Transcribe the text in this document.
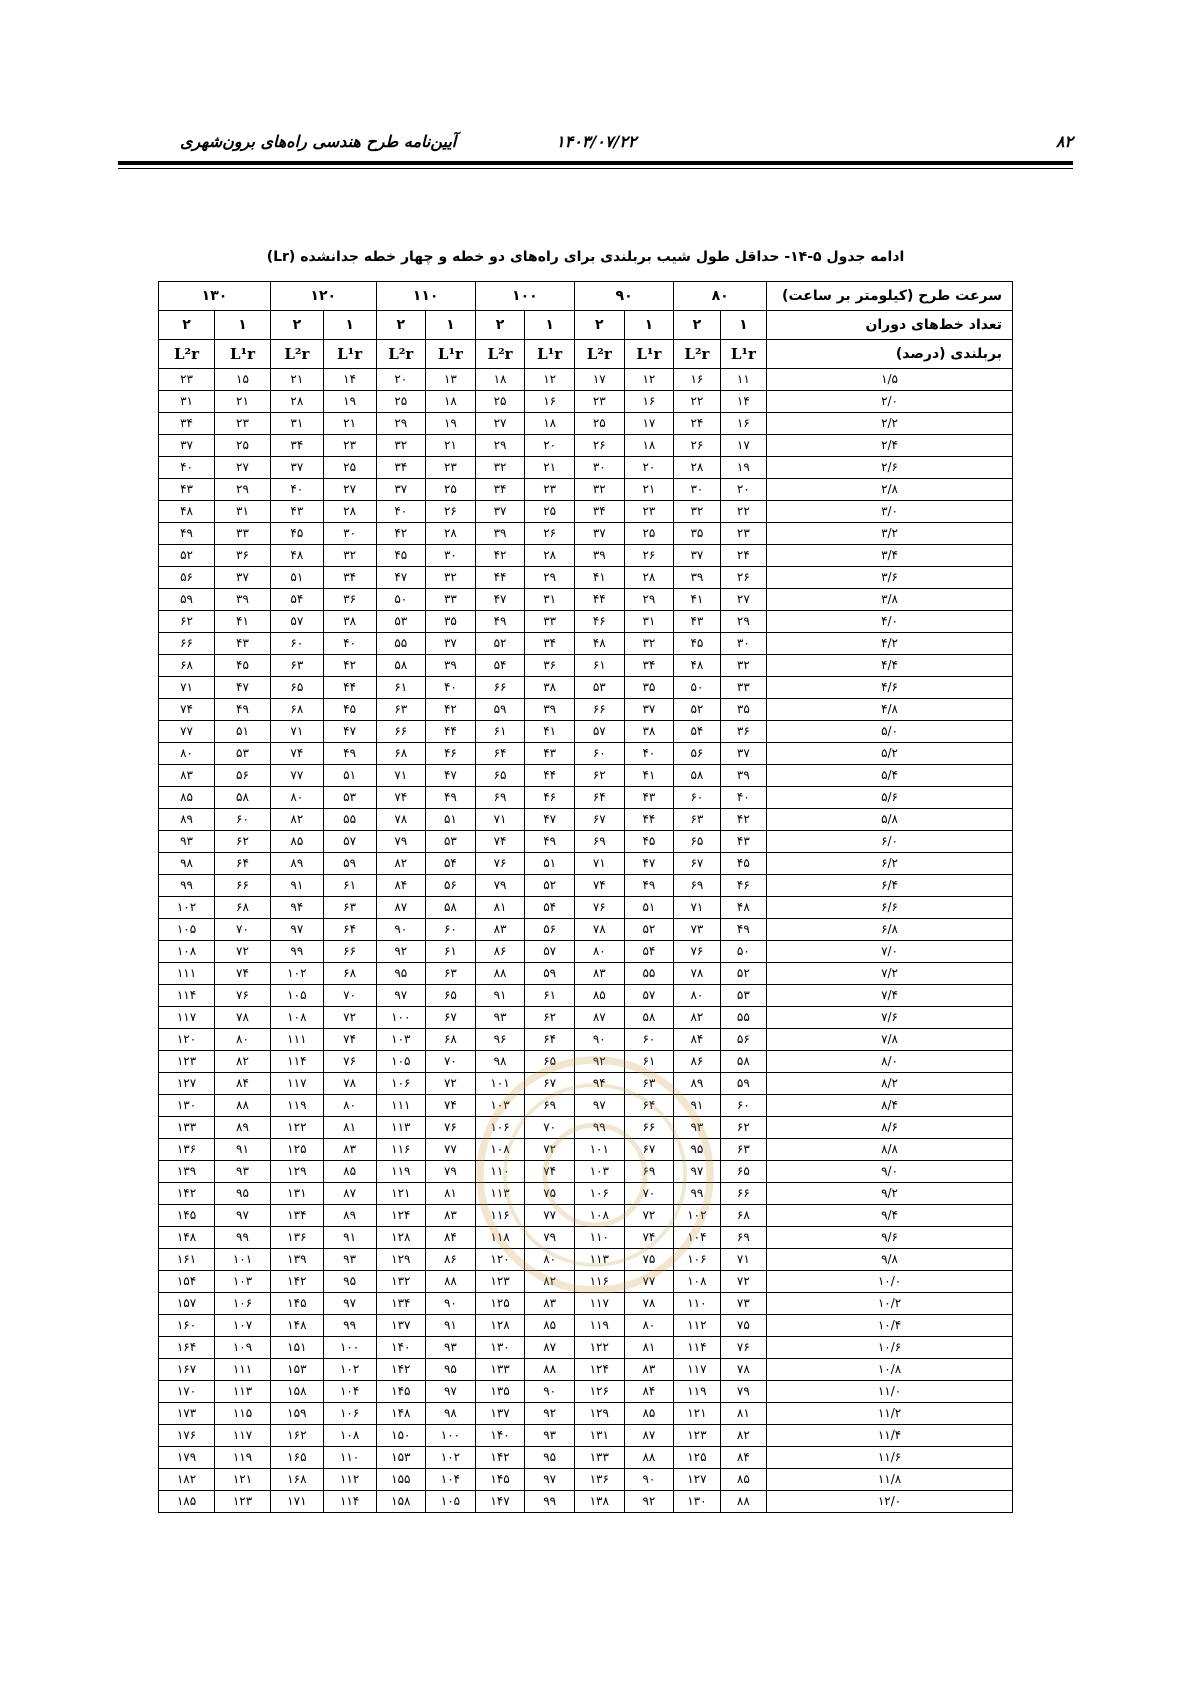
۸۲
۱۴۰۳/۰۷/۲۲
آیین‌نامه طرح هندسی راه‌های برون‌شهری
ادامه جدول ۵-۱۴- حداقل طول شیب بربلندی برای راه‌های دو خطه و چهار خطه جدانشده (Lr)
سرعت طرح (کیلومتر بر ساعت)	۸۰		۹۰		۱۰۰		۱۱۰		۱۲۰		۱۳۰	
تعداد خط‌های دوران	۱	۲	۱	۲	۱	۲	۱	۲	۱	۲	۱	۲
بربلندی (درصد)	L¹r	L²r	L¹r	L²r	L¹r	L²r	L¹r	L²r	L¹r	L²r	L¹r	L²r
۱/۵	۱۱	۱۶	۱۲	۱۷	۱۲	۱۸	۱۳	۲۰	۱۴	۲۱	۱۵	۲۳
۲/۰	۱۴	۲۲	۱۶	۲۳	۱۶	۲۵	۱۸	۲۵	۱۹	۲۸	۲۱	۳۱
۲/۲	۱۶	۲۴	۱۷	۲۵	۱۸	۲۷	۱۹	۲۹	۲۱	۳۱	۲۳	۳۴
۲/۴	۱۷	۲۶	۱۸	۲۶	۲۰	۲۹	۲۱	۳۲	۲۳	۳۴	۲۵	۳۷
۲/۶	۱۹	۲۸	۲۰	۳۰	۲۱	۳۲	۲۳	۳۴	۲۵	۳۷	۲۷	۴۰
۲/۸	۲۰	۳۰	۲۱	۳۲	۲۳	۳۴	۲۵	۳۷	۲۷	۴۰	۲۹	۴۳
۳/۰	۲۲	۳۲	۲۳	۳۴	۲۵	۳۷	۲۶	۴۰	۲۸	۴۳	۳۱	۴۸
۳/۲	۲۳	۳۵	۲۵	۳۷	۲۶	۳۹	۲۸	۴۲	۳۰	۴۵	۳۳	۴۹
۳/۴	۲۴	۳۷	۲۶	۳۹	۲۸	۴۲	۳۰	۴۵	۳۲	۴۸	۳۶	۵۲
۳/۶	۲۶	۳۹	۲۸	۴۱	۲۹	۴۴	۳۲	۴۷	۳۴	۵۱	۳۷	۵۶
۳/۸	۲۷	۴۱	۲۹	۴۴	۳۱	۴۷	۳۳	۵۰	۳۶	۵۴	۳۹	۵۹
۴/۰	۲۹	۴۳	۳۱	۴۶	۳۳	۴۹	۳۵	۵۳	۳۸	۵۷	۴۱	۶۲
۴/۲	۳۰	۴۵	۳۲	۴۸	۳۴	۵۲	۳۷	۵۵	۴۰	۶۰	۴۳	۶۶
۴/۴	۳۲	۴۸	۳۴	۶۱	۳۶	۵۴	۳۹	۵۸	۴۲	۶۳	۴۵	۶۸
۴/۶	۳۳	۵۰	۳۵	۵۳	۳۸	۶۶	۴۰	۶۱	۴۴	۶۵	۴۷	۷۱
۴/۸	۳۵	۵۲	۳۷	۶۶	۳۹	۵۹	۴۲	۶۳	۴۵	۶۸	۴۹	۷۴
۵/۰	۳۶	۵۴	۳۸	۵۷	۴۱	۶۱	۴۴	۶۶	۴۷	۷۱	۵۱	۷۷
۵/۲	۳۷	۵۶	۴۰	۶۰	۴۳	۶۴	۴۶	۶۸	۴۹	۷۴	۵۳	۸۰
۵/۴	۳۹	۵۸	۴۱	۶۲	۴۴	۶۵	۴۷	۷۱	۵۱	۷۷	۵۶	۸۳
۵/۶	۴۰	۶۰	۴۳	۶۴	۴۶	۶۹	۴۹	۷۴	۵۳	۸۰	۵۸	۸۵
۵/۸	۴۲	۶۳	۴۴	۶۷	۴۷	۷۱	۵۱	۷۸	۵۵	۸۲	۶۰	۸۹
۶/۰	۴۳	۶۵	۴۵	۶۹	۴۹	۷۴	۵۳	۷۹	۵۷	۸۵	۶۲	۹۳
۶/۲	۴۵	۶۷	۴۷	۷۱	۵۱	۷۶	۵۴	۸۲	۵۹	۸۹	۶۴	۹۸
۶/۴	۴۶	۶۹	۴۹	۷۴	۵۲	۷۹	۵۶	۸۴	۶۱	۹۱	۶۶	۹۹
۶/۶	۴۸	۷۱	۵۱	۷۶	۵۴	۸۱	۵۸	۸۷	۶۳	۹۴	۶۸	۱۰۲
۶/۸	۴۹	۷۳	۵۲	۷۸	۵۶	۸۳	۶۰	۹۰	۶۴	۹۷	۷۰	۱۰۵
۷/۰	۵۰	۷۶	۵۴	۸۰	۵۷	۸۶	۶۱	۹۲	۶۶	۹۹	۷۲	۱۰۸
۷/۲	۵۲	۷۸	۵۵	۸۳	۵۹	۸۸	۶۳	۹۵	۶۸	۱۰۲	۷۴	۱۱۱
۷/۴	۵۳	۸۰	۵۷	۸۵	۶۱	۹۱	۶۵	۹۷	۷۰	۱۰۵	۷۶	۱۱۴
۷/۶	۵۵	۸۲	۵۸	۸۷	۶۲	۹۳	۶۷	۱۰۰	۷۲	۱۰۸	۷۸	۱۱۷
۷/۸	۵۶	۸۴	۶۰	۹۰	۶۴	۹۶	۶۸	۱۰۳	۷۴	۱۱۱	۸۰	۱۲۰
۸/۰	۵۸	۸۶	۶۱	۹۲	۶۵	۹۸	۷۰	۱۰۵	۷۶	۱۱۴	۸۲	۱۲۳
۸/۲	۵۹	۸۹	۶۳	۹۴	۶۷	۱۰۱	۷۲	۱۰۶	۷۸	۱۱۷	۸۴	۱۲۷
۸/۴	۶۰	۹۱	۶۴	۹۷	۶۹	۱۰۳	۷۴	۱۱۱	۸۰	۱۱۹	۸۸	۱۳۰
۸/۶	۶۲	۹۳	۶۶	۹۹	۷۰	۱۰۶	۷۶	۱۱۳	۸۱	۱۲۲	۸۹	۱۳۳
۸/۸	۶۳	۹۵	۶۷	۱۰۱	۷۲	۱۰۸	۷۷	۱۱۶	۸۳	۱۲۵	۹۱	۱۳۶
۹/۰	۶۵	۹۷	۶۹	۱۰۳	۷۴	۱۱۰	۷۹	۱۱۹	۸۵	۱۲۹	۹۳	۱۳۹
۹/۲	۶۶	۹۹	۷۰	۱۰۶	۷۵	۱۱۳	۸۱	۱۲۱	۸۷	۱۳۱	۹۵	۱۴۲
۹/۴	۶۸	۱۰۲	۷۲	۱۰۸	۷۷	۱۱۶	۸۳	۱۲۴	۸۹	۱۳۴	۹۷	۱۴۵
۹/۶	۶۹	۱۰۴	۷۴	۱۱۰	۷۹	۱۱۸	۸۴	۱۲۸	۹۱	۱۳۶	۹۹	۱۴۸
۹/۸	۷۱	۱۰۶	۷۵	۱۱۳	۸۰	۱۲۰	۸۶	۱۲۹	۹۳	۱۳۹	۱۰۱	۱۶۱
۱۰/۰	۷۲	۱۰۸	۷۷	۱۱۶	۸۲	۱۲۳	۸۸	۱۳۲	۹۵	۱۴۲	۱۰۳	۱۵۴
۱۰/۲	۷۳	۱۱۰	۷۸	۱۱۷	۸۳	۱۲۵	۹۰	۱۳۴	۹۷	۱۴۵	۱۰۶	۱۵۷
۱۰/۴	۷۵	۱۱۲	۸۰	۱۱۹	۸۵	۱۲۸	۹۱	۱۳۷	۹۹	۱۴۸	۱۰۷	۱۶۰
۱۰/۶	۷۶	۱۱۴	۸۱	۱۲۲	۸۷	۱۳۰	۹۳	۱۴۰	۱۰۰	۱۵۱	۱۰۹	۱۶۴
۱۰/۸	۷۸	۱۱۷	۸۳	۱۲۴	۸۸	۱۳۳	۹۵	۱۴۲	۱۰۲	۱۵۳	۱۱۱	۱۶۷
۱۱/۰	۷۹	۱۱۹	۸۴	۱۲۶	۹۰	۱۳۵	۹۷	۱۴۵	۱۰۴	۱۵۸	۱۱۳	۱۷۰
۱۱/۲	۸۱	۱۲۱	۸۵	۱۲۹	۹۲	۱۳۷	۹۸	۱۴۸	۱۰۶	۱۵۹	۱۱۵	۱۷۳
۱۱/۴	۸۲	۱۲۳	۸۷	۱۳۱	۹۳	۱۴۰	۱۰۰	۱۵۰	۱۰۸	۱۶۲	۱۱۷	۱۷۶
۱۱/۶	۸۴	۱۲۵	۸۸	۱۳۳	۹۵	۱۴۲	۱۰۲	۱۵۳	۱۱۰	۱۶۵	۱۱۹	۱۷۹
۱۱/۸	۸۵	۱۲۷	۹۰	۱۳۶	۹۷	۱۴۵	۱۰۴	۱۵۵	۱۱۲	۱۶۸	۱۲۱	۱۸۲
۱۲/۰	۸۸	۱۳۰	۹۲	۱۳۸	۹۹	۱۴۷	۱۰۵	۱۵۸	۱۱۴	۱۷۱	۱۲۳	۱۸۵
